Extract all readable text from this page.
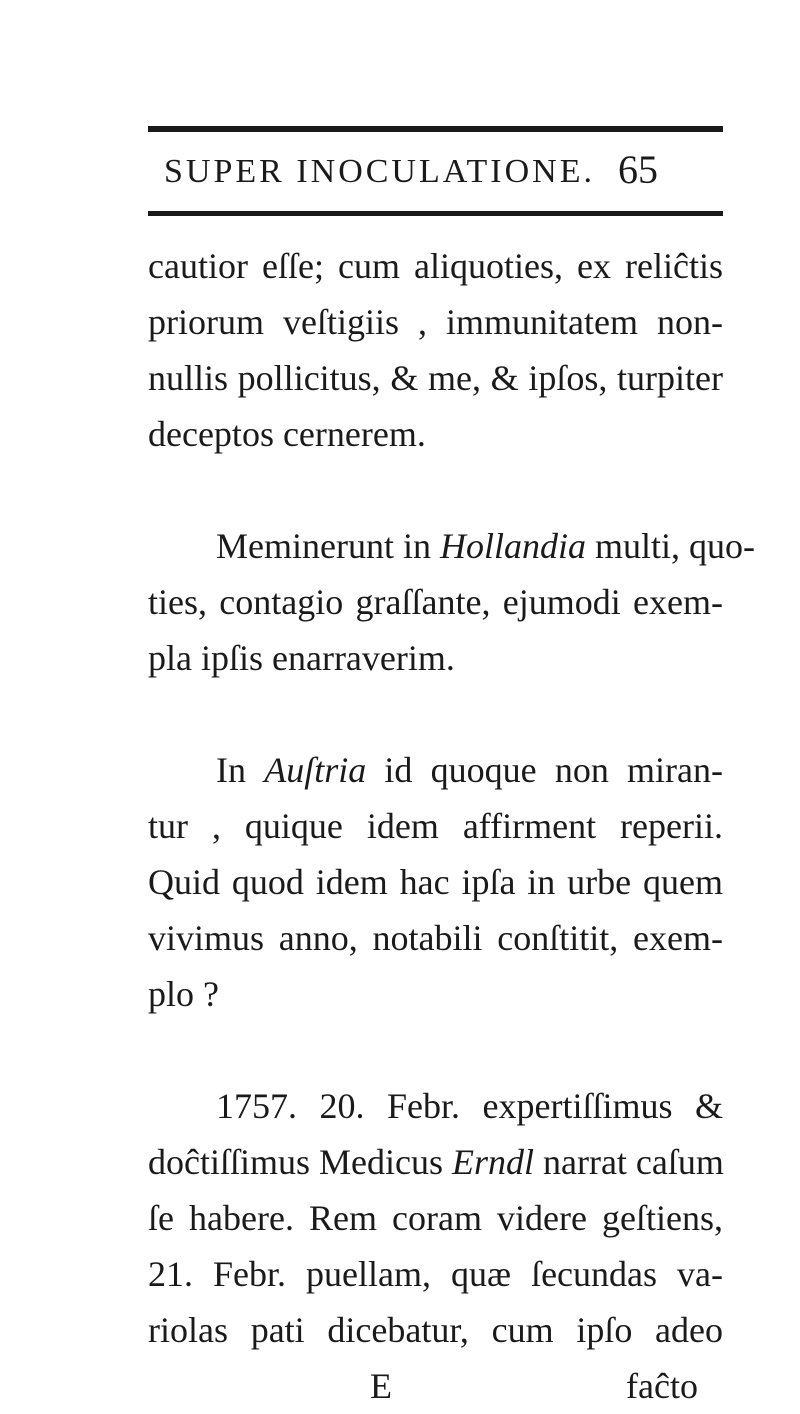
SUPER INOCULATIONE. 65
cautior eſſe; cum aliquoties, ex reliĉtis
priorum veſtigiis , immunitatem non-
nullis pollicitus, & me, & ipſos, turpiter
deceptos cernerem.
Meminerunt in Hollandia multi, quo-
ties, contagio graſſante, ejumodi exem-
pla ipſis enarraverim.
In Auſtria id quoque non miran-
tur , quique idem affirment reperii.
Quid quod idem hac ipſa in urbe quem
vivimus anno, notabili conſtitit, exem-
plo ?
1757. 20. Febr. expertiſſimus &
doĉtiſſimus Medicus Erndl narrat caſum
ſe habere. Rem coram videre geſtiens,
21. Febr. puellam, quæ ſecundas va-
riolas pati dicebatur, cum ipſo adeo
E	faĉto
